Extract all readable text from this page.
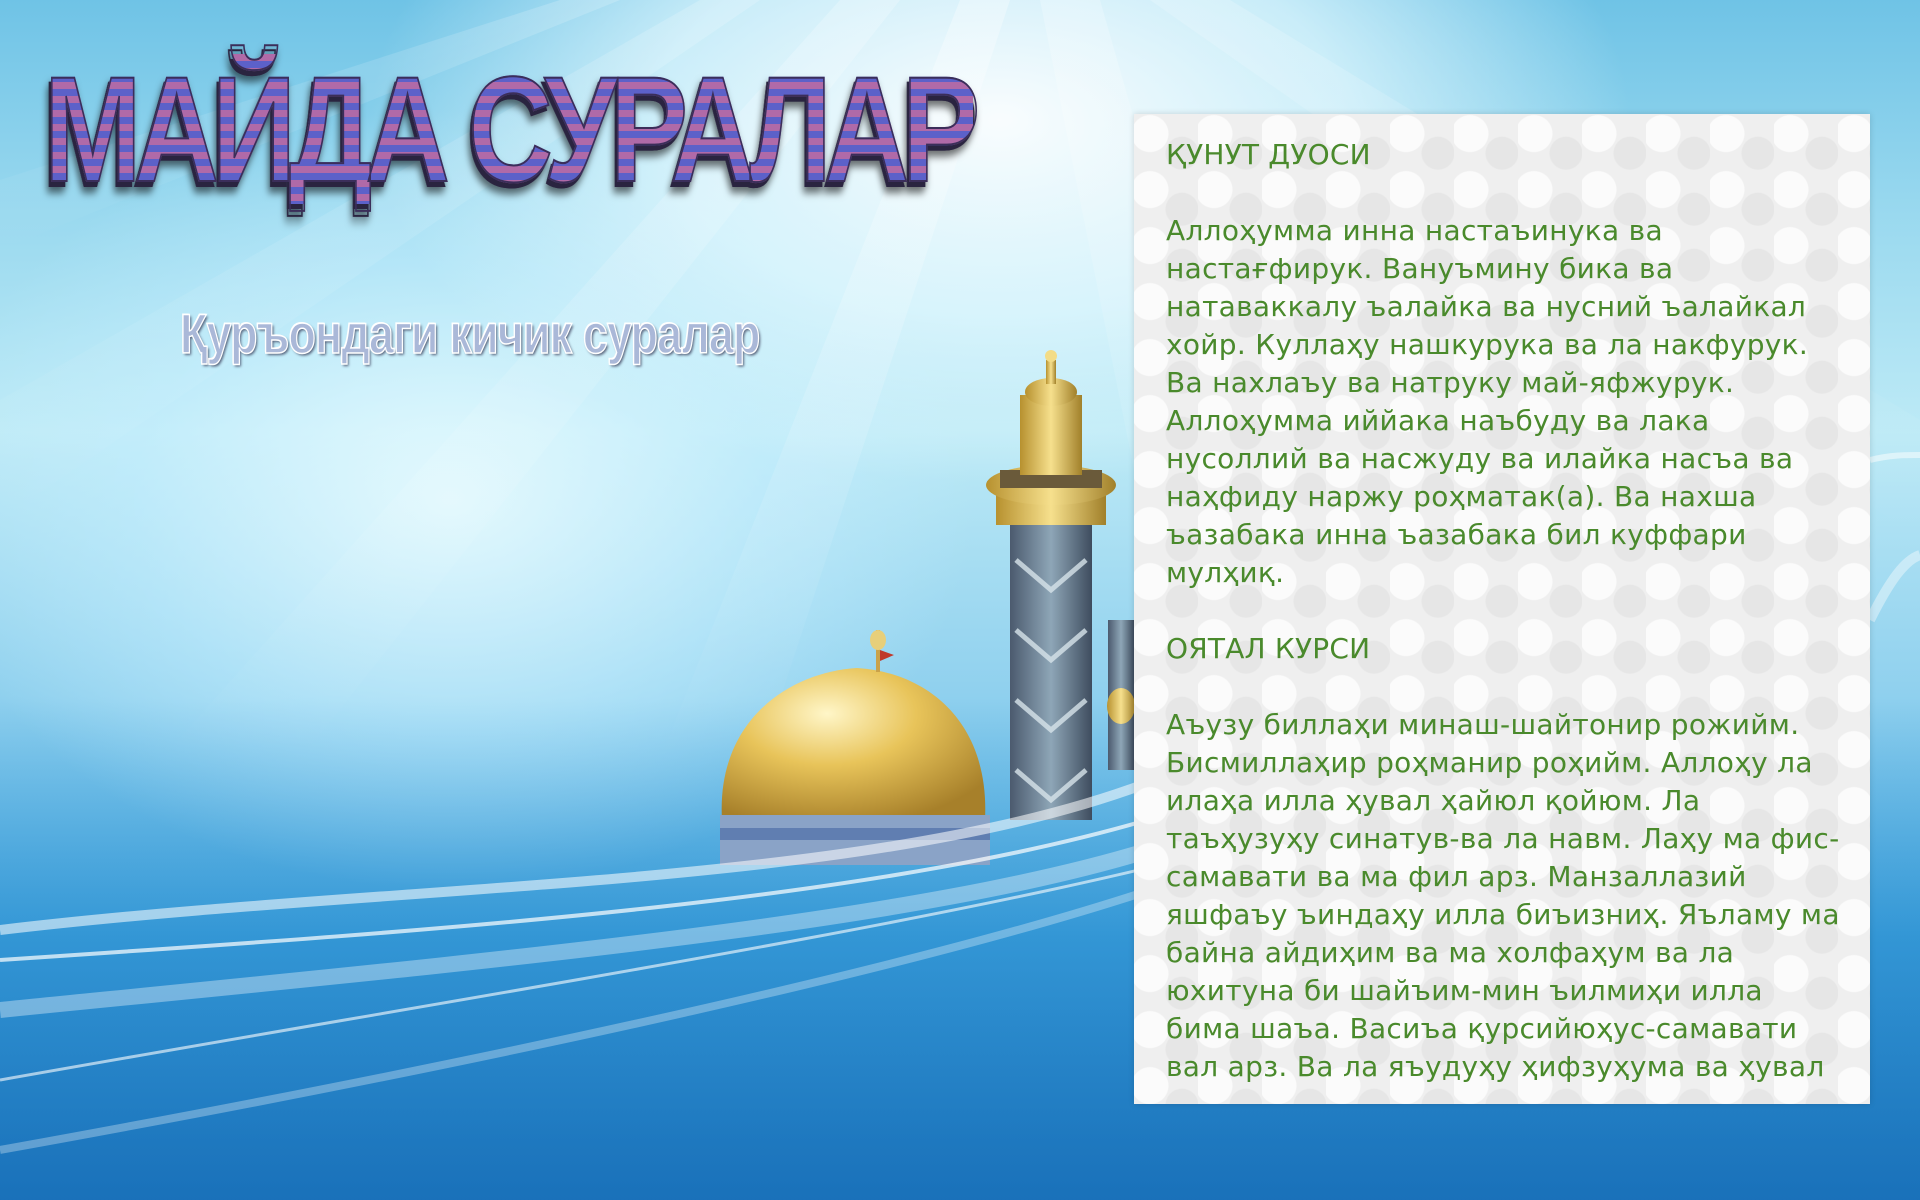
МАЙДА СУРАЛАР
Қуръондаги кичик суралар
ҚУНУТ ДУОСИ

Аллоҳумма инна настаъинука ва настағфирук. Вануъмину бика ва натаваккалу ъалайка ва нусний ъалайкал хойр. Куллаҳу нашкурука ва ла накфурук. Ва нахлаъу ва натруку май-яфжурук. Аллоҳумма иййака наъбуду ва лака нусоллий ва насжуду ва илайка насъа ва наҳфиду наржу роҳматак(а). Ва нахша ъазабака инна ъазабака бил куффари мулҳиқ.

ОЯТАЛ КУРСИ

Аъузу биллаҳи минаш-шайтонир рожийм. Бисмиллаҳир роҳманир роҳийм. Аллоҳу ла илаҳа илла ҳувал ҳайюл қойюм. Ла таъҳузуҳу синатув-ва ла навм. Лаҳу ма фис-самавати ва ма фил арз. Манзаллазий яшфаъу ъиндаҳу илла биъизниҳ. Яъламу ма байна айдиҳим ва ма холфаҳум ва ла юхитуна би шайъим-мин ъилмиҳи илла бима шаъа. Васиъа қурсийюҳус-самавати вал арз. Ва ла яъудуҳу ҳифзуҳума ва ҳувал
